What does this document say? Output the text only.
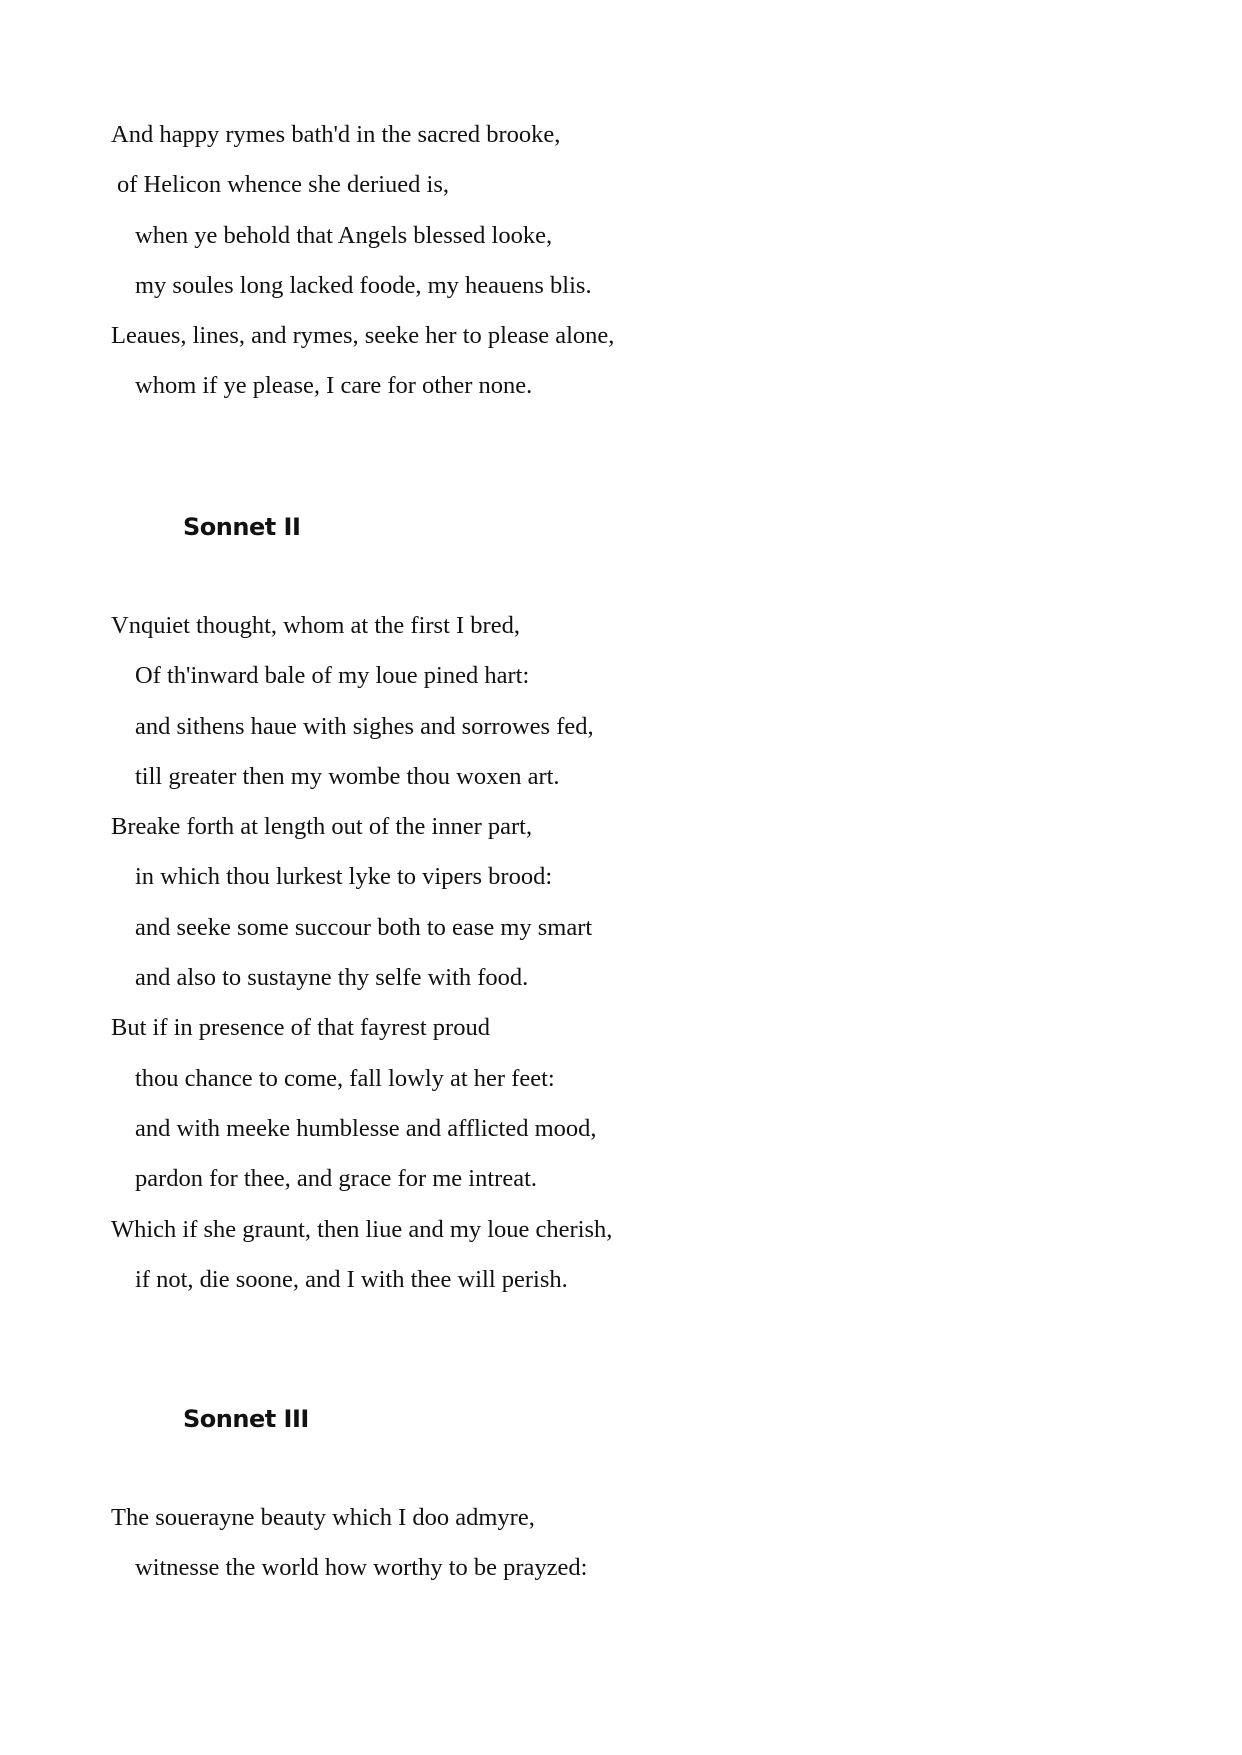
And happy rymes bath'd in the sacred brooke,
of Helicon whence she deriued is,
when ye behold that Angels blessed looke,
my soules long lacked foode, my heauens blis.
Leaues, lines, and rymes, seeke her to please alone,
whom if ye please, I care for other none.
Sonnet II
Vnquiet thought, whom at the first I bred,
Of th'inward bale of my loue pined hart:
and sithens haue with sighes and sorrowes fed,
till greater then my wombe thou woxen art.
Breake forth at length out of the inner part,
in which thou lurkest lyke to vipers brood:
and seeke some succour both to ease my smart
and also to sustayne thy selfe with food.
But if in presence of that fayrest proud
thou chance to come, fall lowly at her feet:
and with meeke humblesse and afflicted mood,
pardon for thee, and grace for me intreat.
Which if she graunt, then liue and my loue cherish,
if not, die soone, and I with thee will perish.
Sonnet III
The souerayne beauty which I doo admyre,
witnesse the world how worthy to be prayzed:
